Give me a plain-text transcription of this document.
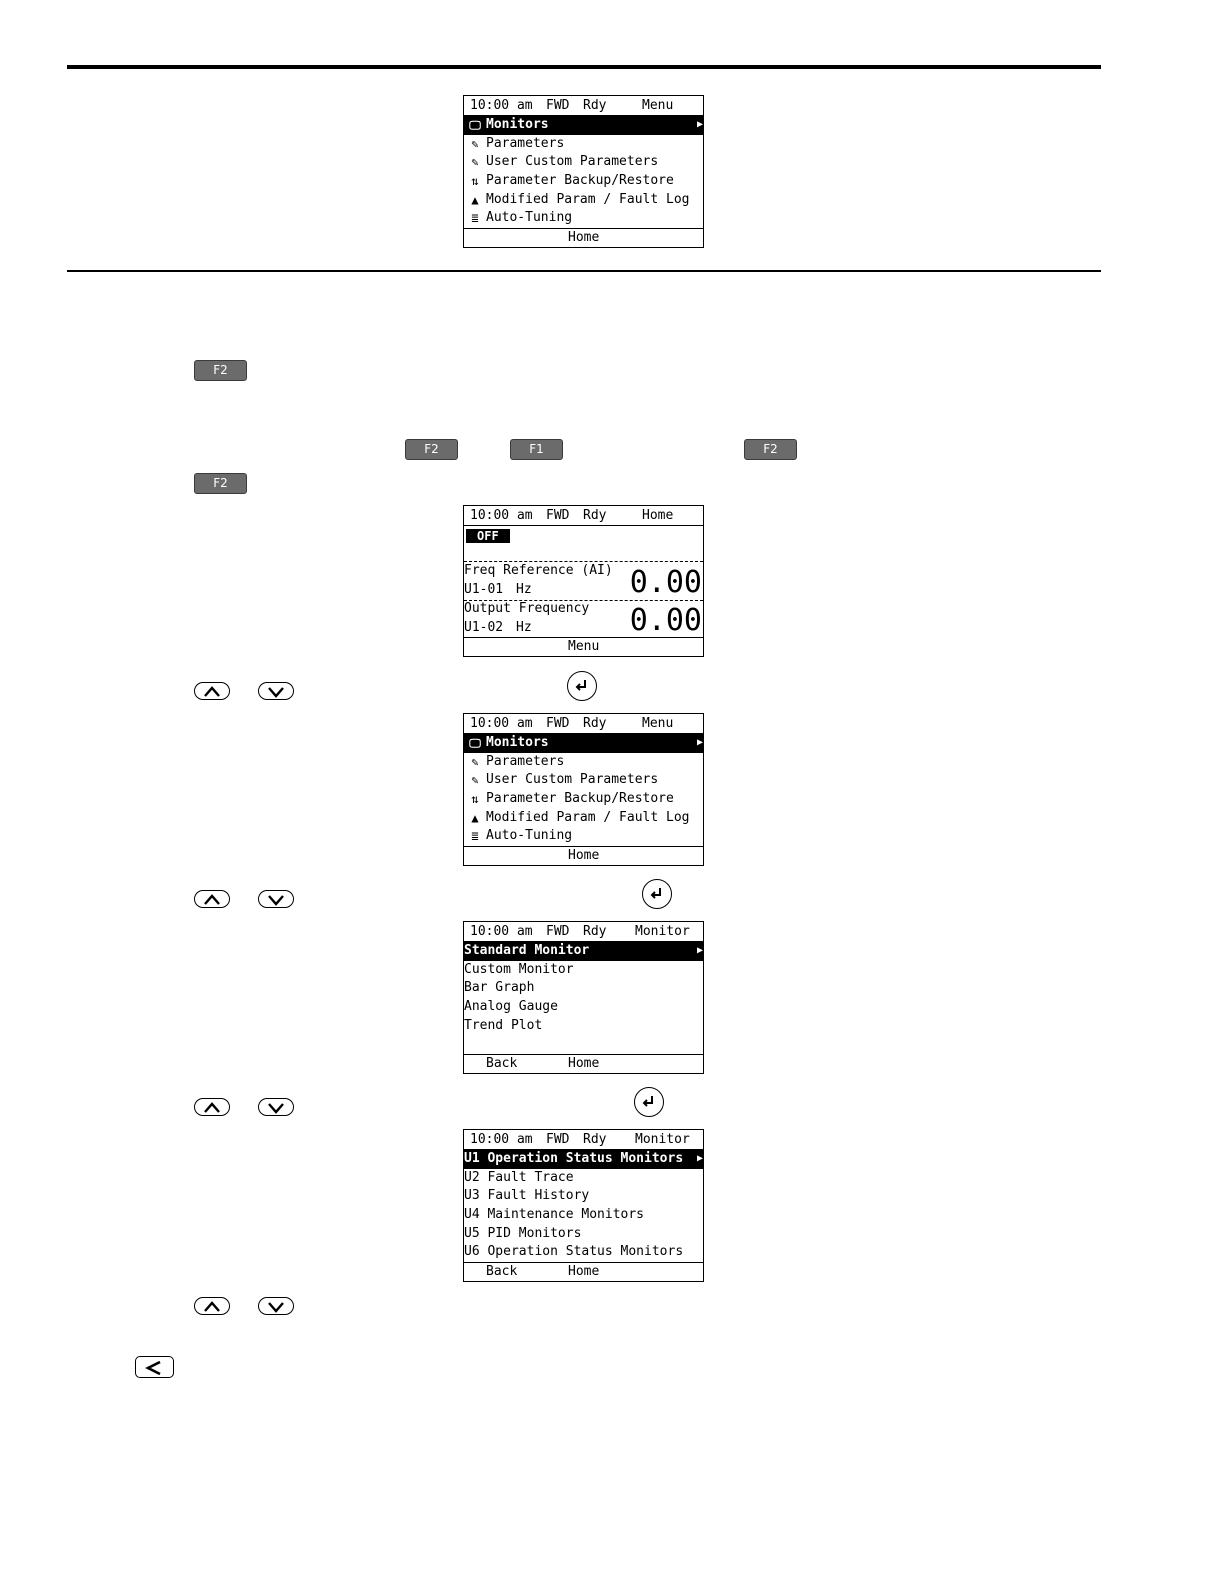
10:00 am

FWD

Rdy

	Menu

🖵 Monitors	▶
✎ Parameters
✎ User Custom Parameters
⇅ Parameter Backup/Restore
▲ Modified Param / Fault Log
≣ Auto-Tuning

Home

F2
F2	F1	F2
F2

10:00 am

FWD

Rdy

	Home

OFF
Freq Reference (AI)
U1-01 Hz	0.00
Output Frequency
U1-02 Hz	0.00

Menu

10:00 am

FWD

Rdy

	Menu

🖵 Monitors	▶
✎ Parameters
✎ User Custom Parameters
⇅ Parameter Backup/Restore
▲ Modified Param / Fault Log
≣ Auto-Tuning

Home

10:00 am

FWD

Rdy

Monitor

Standard Monitor	▶
Custom Monitor
Bar Graph
Analog Gauge
Trend Plot

Back

	Home

10:00 am

FWD

Rdy

Monitor

U1 Operation Status Monitors ▶
U2 Fault Trace
U3 Fault History
U4 Maintenance Monitors
U5 PID Monitors
U6 Operation Status Monitors

Back

	Home
